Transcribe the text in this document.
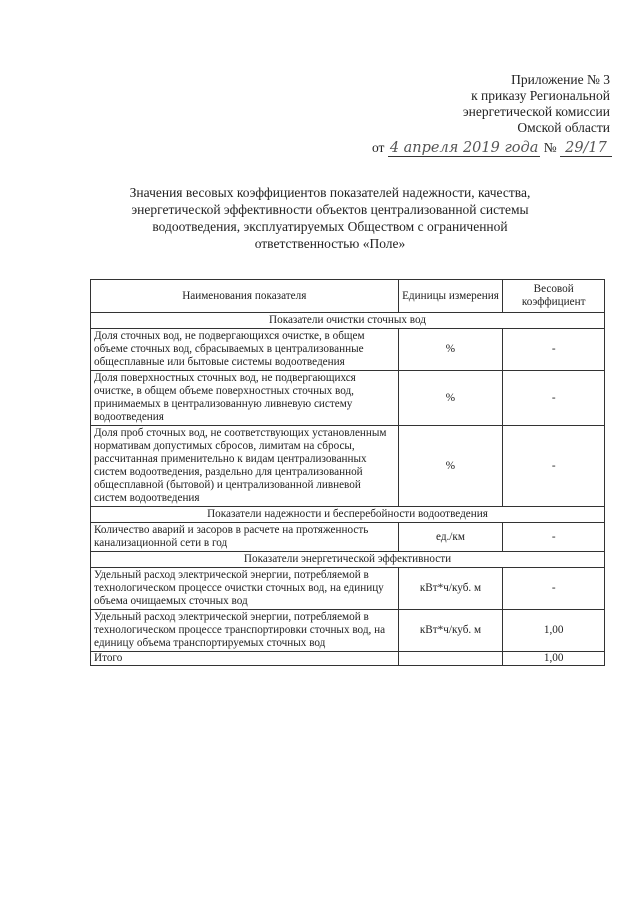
Приложение № 3
к приказу Региональной
энергетической комиссии
Омской области
от 4 апреля 2019 года № 29/17
Значения весовых коэффициентов показателей надежности, качества, энергетической эффективности объектов централизованной системы водоотведения, эксплуатируемых Обществом с ограниченной ответственностью «Поле»
Наименования показателя	Единицы измерения	Весовой коэффициент
Показатели очистки сточных вод		
Доля сточных вод, не подвергающихся очистке, в общем объеме сточных вод, сбрасываемых в централизованные общесплавные или бытовые системы водоотведения	%	-
Доля поверхностных сточных вод, не подвергающихся очистке, в общем объеме поверхностных сточных вод, принимаемых в централизованную ливневую систему водоотведения	%	-
Доля проб сточных вод, не соответствующих установленным нормативам допустимых сбросов, лимитам на сбросы, рассчитанная применительно к видам централизованных систем водоотведения, раздельно для централизованной общесплавной (бытовой) и централизованной ливневой систем водоотведения	%	-
Показатели надежности и бесперебойности водоотведения		
Количество аварий и засоров в расчете на протяженность канализационной сети в год	ед./км	-
Показатели энергетической эффективности		
Удельный расход электрической энергии, потребляемой в технологическом процессе очистки сточных вод, на единицу объема очищаемых сточных вод	кВт*ч/куб. м	-
Удельный расход электрической энергии, потребляемой в технологическом процессе транспортировки сточных вод, на единицу объема транспортируемых сточных вод	кВт*ч/куб. м	1,00
Итого		1,00
